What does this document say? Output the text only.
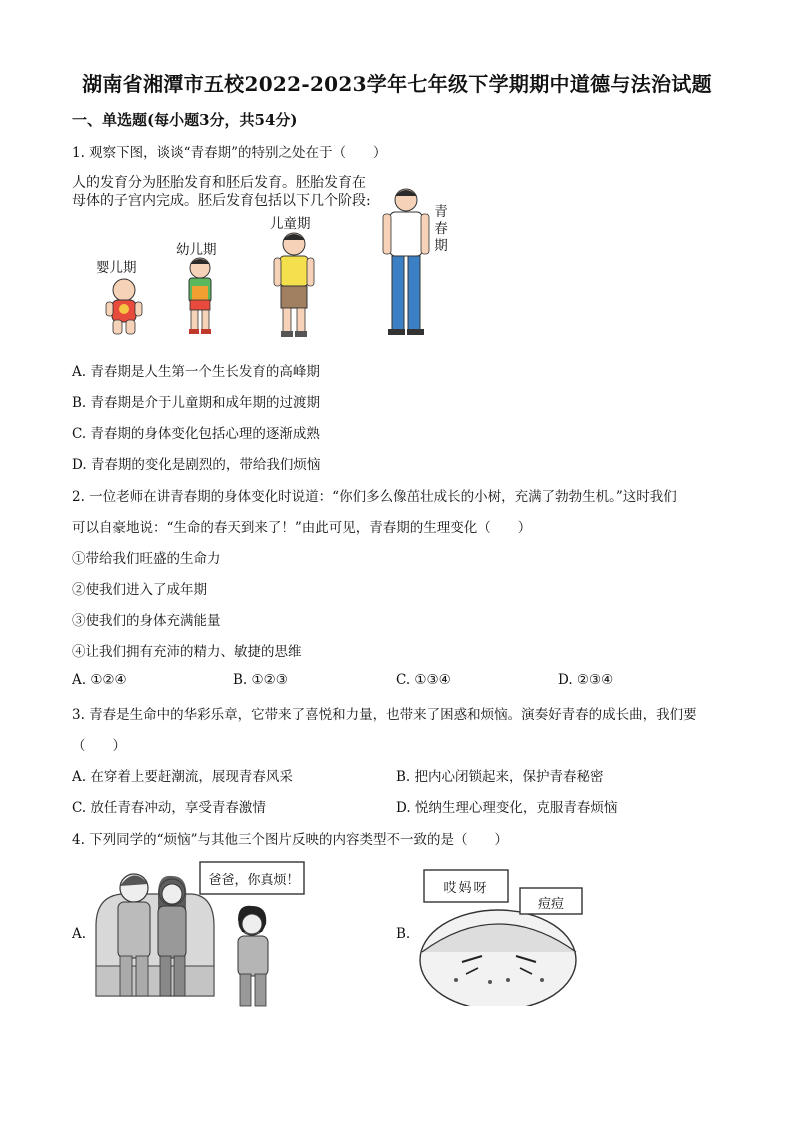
湖南省湘潭市五校2022-2023学年七年级下学期期中道德与法治试题
一、单选题(每小题3分，共54分)
1. 观察下图，谈谈“青春期”的特别之处在于（　　）
人的发育分为胚胎发育和胚后发育。胚胎发育在
母体的子宫内完成。胚后发育包括以下几个阶段:
婴儿期
幼儿期
儿童期
青春期
A. 青春期是人生第一个生长发育的高峰期
B. 青春期是介于儿童期和成年期的过渡期
C. 青春期的身体变化包括心理的逐渐成熟
D. 青春期的变化是剧烈的，带给我们烦恼
2. 一位老师在讲青春期的身体变化时说道：“你们多么像茁壮成长的小树，充满了勃勃生机。”这时我们
可以自豪地说：“生命的春天到来了！”由此可见，青春期的生理变化（　　）
①带给我们旺盛的生命力
②使我们进入了成年期
③使我们的身体充满能量
④让我们拥有充沛的精力、敏捷的思维
A. ①②④	B. ①②③	C. ①③④	D. ②③④
3. 青春是生命中的华彩乐章，它带来了喜悦和力量，也带来了困惑和烦恼。演奏好青春的成长曲，我们要
（　　）
A. 在穿着上要赶潮流，展现青春风采	B. 把内心闭锁起来，保护青春秘密
C. 放任青春冲动，享受青春激情	D. 悦纳生理心理变化，克服青春烦恼
4. 下列同学的“烦恼”与其他三个图片反映的内容类型不一致的是（　　）
A.
爸爸，你真烦！
B.
哎妈呀
痘痘
